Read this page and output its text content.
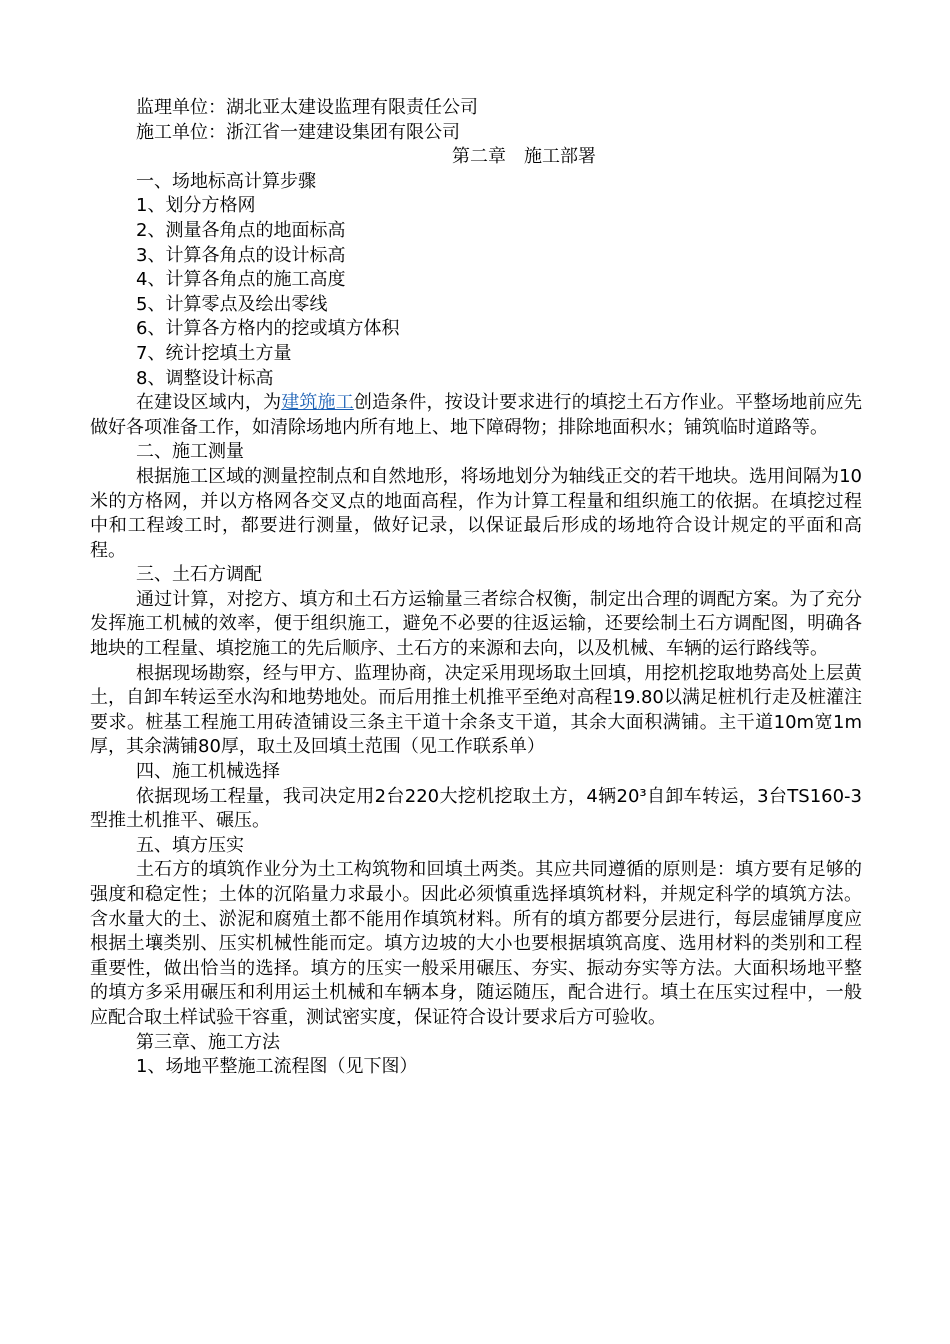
监理单位：湖北亚太建设监理有限责任公司
施工单位：浙江省一建建设集团有限公司
第二章　施工部署
一、场地标高计算步骤
1、划分方格网
2、测量各角点的地面标高
3、计算各角点的设计标高
4、计算各角点的施工高度
5、计算零点及绘出零线
6、计算各方格内的挖或填方体积
7、统计挖填土方量
8、调整设计标高
在建设区域内，为建筑施工创造条件，按设计要求进行的填挖土石方作业。平整场地前应先做好各项准备工作，如清除场地内所有地上、地下障碍物；排除地面积水；铺筑临时道路等。
二、施工测量
根据施工区域的测量控制点和自然地形，将场地划分为轴线正交的若干地块。选用间隔为10米的方格网，并以方格网各交叉点的地面高程，作为计算工程量和组织施工的依据。在填挖过程中和工程竣工时，都要进行测量，做好记录，以保证最后形成的场地符合设计规定的平面和高程。
三、土石方调配
通过计算，对挖方、填方和土石方运输量三者综合权衡，制定出合理的调配方案。为了充分发挥施工机械的效率，便于组织施工，避免不必要的往返运输，还要绘制土石方调配图，明确各地块的工程量、填挖施工的先后顺序、土石方的来源和去向，以及机械、车辆的运行路线等。
根据现场勘察，经与甲方、监理协商，决定采用现场取土回填，用挖机挖取地势高处上层黄土，自卸车转运至水沟和地势地处。而后用推土机推平至绝对高程19.80以满足桩机行走及桩灌注要求。桩基工程施工用砖渣铺设三条主干道十余条支干道，其余大面积满铺。主干道10m宽1m厚，其余满铺80厚，取土及回填土范围（见工作联系单）
四、施工机械选择
依据现场工程量，我司决定用2台220大挖机挖取土方，4辆20³自卸车转运，3台TS160-3型推土机推平、碾压。
五、填方压实
土石方的填筑作业分为土工构筑物和回填土两类。其应共同遵循的原则是：填方要有足够的强度和稳定性；土体的沉陷量力求最小。因此必须慎重选择填筑材料，并规定科学的填筑方法。含水量大的土、淤泥和腐殖土都不能用作填筑材料。所有的填方都要分层进行，每层虚铺厚度应根据土壤类别、压实机械性能而定。填方边坡的大小也要根据填筑高度、选用材料的类别和工程重要性，做出恰当的选择。填方的压实一般采用碾压、夯实、振动夯实等方法。大面积场地平整的填方多采用碾压和利用运土机械和车辆本身，随运随压，配合进行。填土在压实过程中，一般应配合取土样试验干容重，测试密实度，保证符合设计要求后方可验收。
第三章、施工方法
1、场地平整施工流程图（见下图）
